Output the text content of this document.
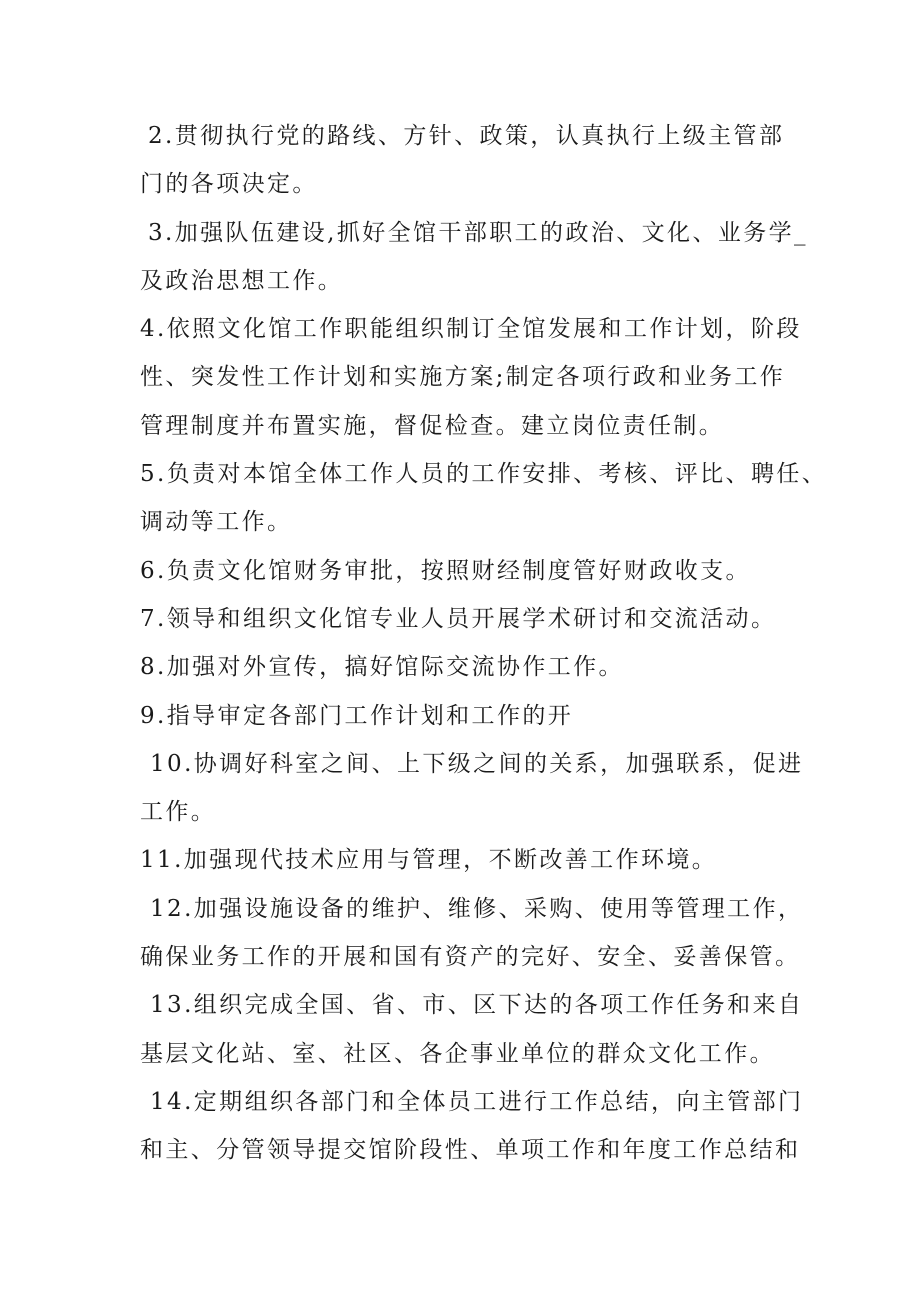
2.贯彻执行党的路线、方针、政策，认真执行上级主管部
门的各项决定。
3.加强队伍建设,抓好全馆干部职工的政治、文化、业务学_
及政治思想工作。
4.依照文化馆工作职能组织制订全馆发展和工作计划，阶段
性、突发性工作计划和实施方案;制定各项行政和业务工作
管理制度并布置实施，督促检查。建立岗位责任制。
5.负责对本馆全体工作人员的工作安排、考核、评比、聘任、
调动等工作。
6.负责文化馆财务审批，按照财经制度管好财政收支。
7.领导和组织文化馆专业人员开展学术研讨和交流活动。
8.加强对外宣传，搞好馆际交流协作工作。
9.指导审定各部门工作计划和工作的开
10.协调好科室之间、上下级之间的关系，加强联系，促进
工作。
11.加强现代技术应用与管理，不断改善工作环境。
12.加强设施设备的维护、维修、采购、使用等管理工作，
确保业务工作的开展和国有资产的完好、安全、妥善保管。
13.组织完成全国、省、市、区下达的各项工作任务和来自
基层文化站、室、社区、各企事业单位的群众文化工作。
14.定期组织各部门和全体员工进行工作总结，向主管部门
和主、分管领导提交馆阶段性、单项工作和年度工作总结和
